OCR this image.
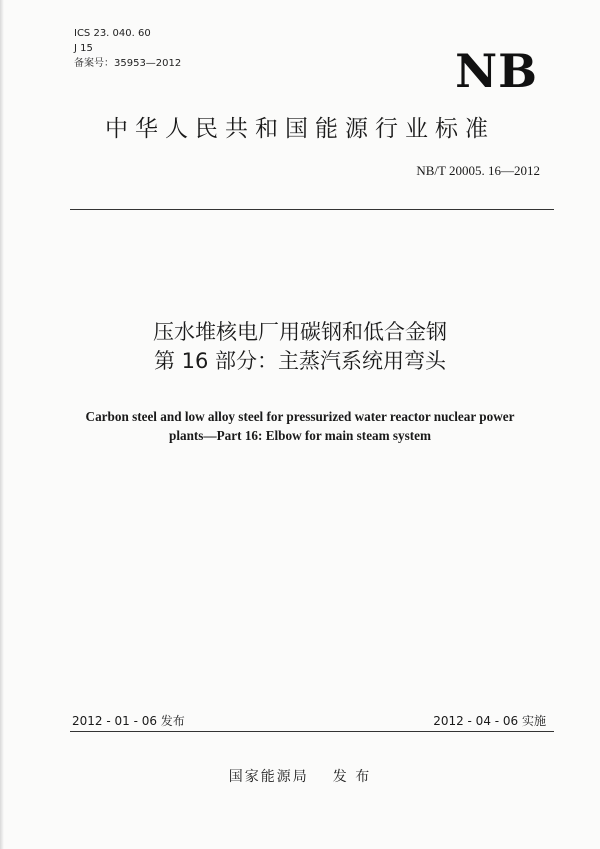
ICS 23. 040. 60
J 15
备案号：35953—2012	NB
中华人民共和国能源行业标准
NB/T 20005. 16—2012
压水堆核电厂用碳钢和低合金钢
第 16 部分：主蒸汽系统用弯头
Carbon steel and low alloy steel for pressurized water reactor nuclear power
plants—Part 16: Elbow for main steam system
2012 - 01 - 06 发布	2012 - 04 - 06 实施
国家能源局 发 布
